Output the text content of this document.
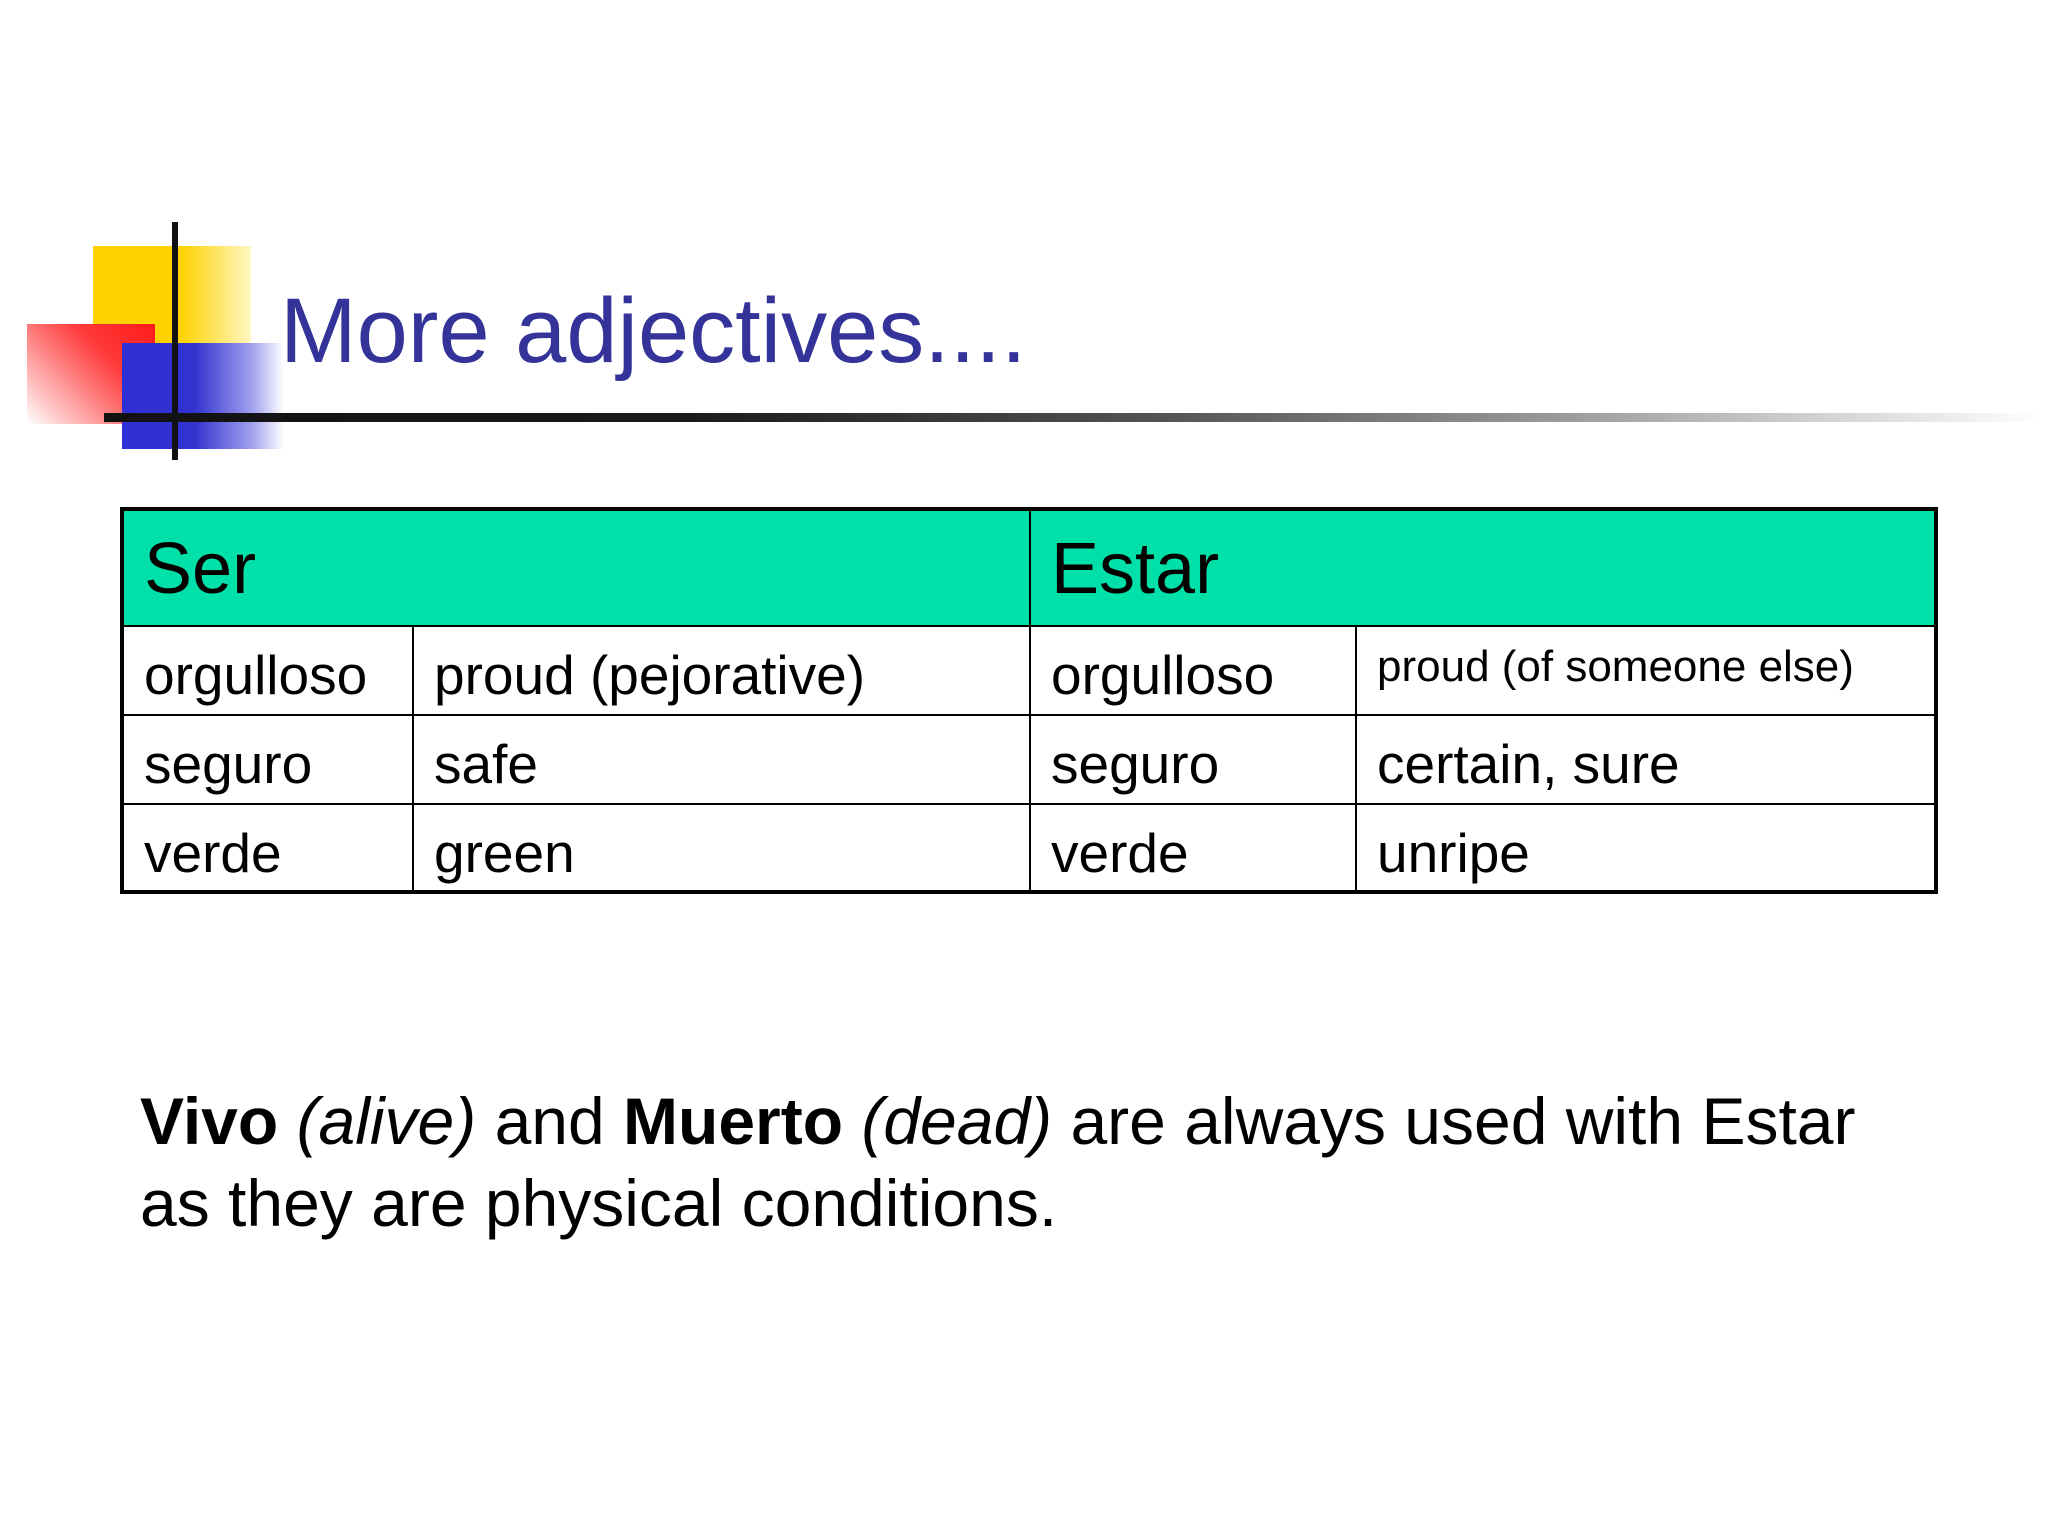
More adjectives....
Ser	Estar
orgulloso	proud (pejorative)	orgulloso	proud (of someone else)
seguro	safe	seguro	certain, sure
verde	green	verde	unripe
Vivo (alive) and Muerto (dead) are always used with Estar as they are physical conditions.
